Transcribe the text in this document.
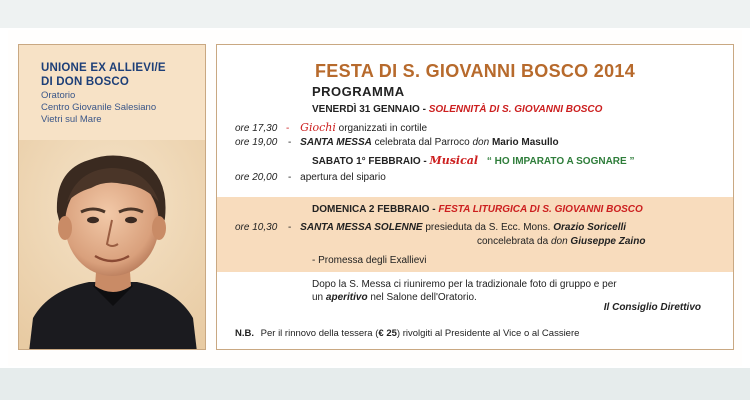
UNIONE EX ALLIEVI/E
DI DON BOSCO
Oratorio
Centro Giovanile Salesiano
Vietri sul Mare
FESTA DI S. GIOVANNI BOSCO 2014
PROGRAMMA
VENERDÌ 31 GENNAIO - SOLENNITÀ DI S. GIOVANNI BOSCO
ore 17,30 - Giochi organizzati in cortile
ore 19,00 - SANTA MESSA celebrata dal Parroco don Mario Masullo
SABATO 1° FEBBRAIO - Musical “ HO IMPARATO A SOGNARE ”
ore 20,00 - apertura del sipario
DOMENICA 2 FEBBRAIO - FESTA LITURGICA DI S. GIOVANNI BOSCO
ore 10,30 - SANTA MESSA SOLENNE presieduta da S. Ecc. Mons. Orazio Soricelli
concelebrata da don Giuseppe Zaino
- Promessa degli Exallievi
Dopo la S. Messa ci riuniremo per la tradizionale foto di gruppo e per
un aperitivo nel Salone dell'Oratorio.
Il Consiglio Direttivo
N.B. Per il rinnovo della tessera (€ 25) rivolgiti al Presidente al Vice o al Cassiere
